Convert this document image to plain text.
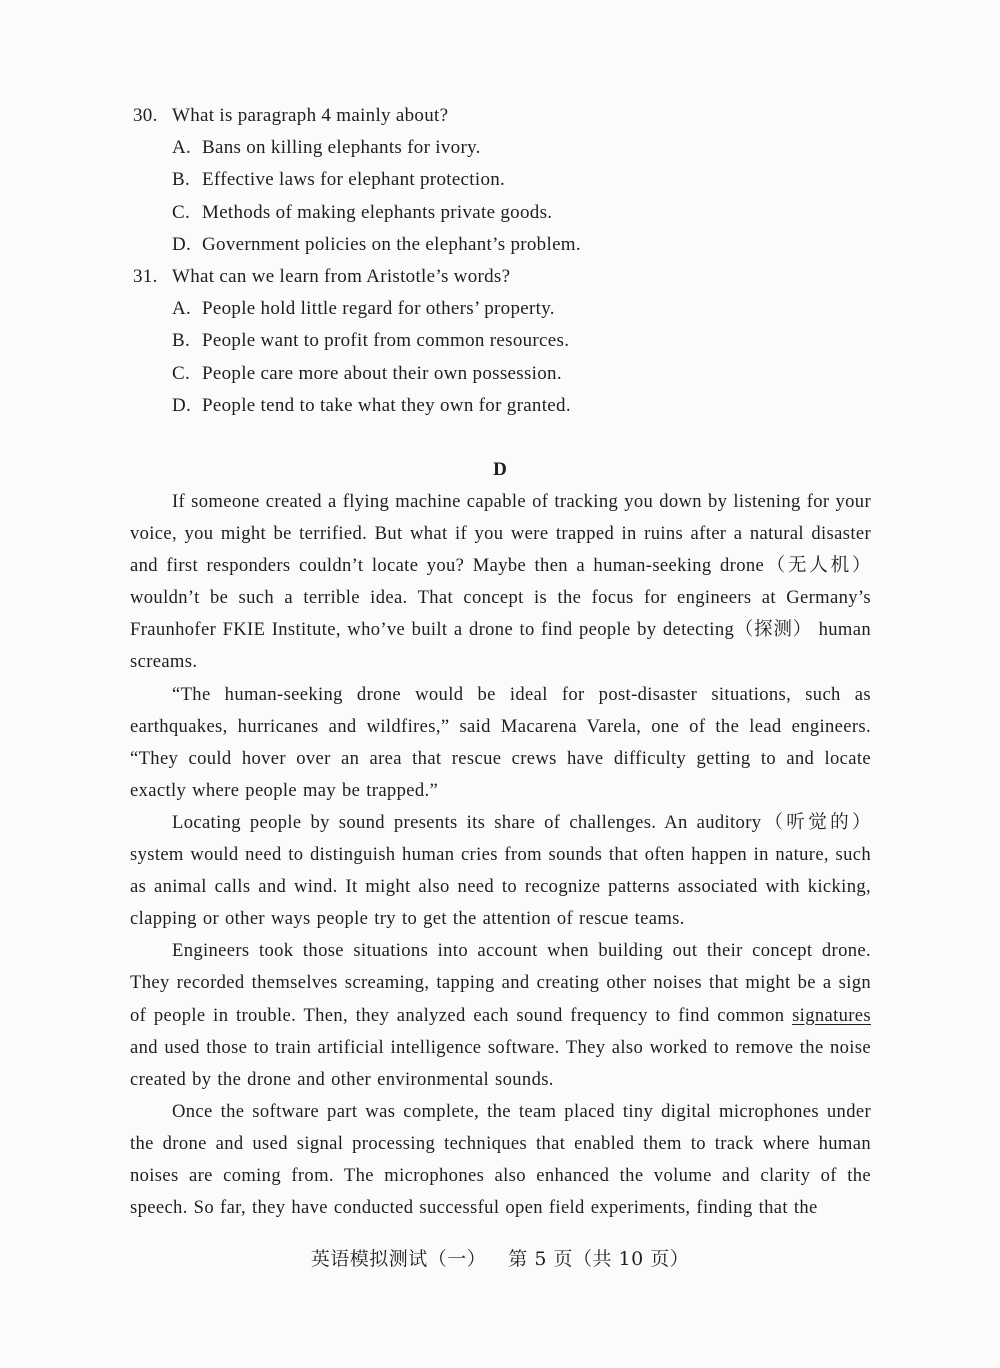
30. What is paragraph 4 mainly about?
A. Bans on killing elephants for ivory.
B. Effective laws for elephant protection.
C. Methods of making elephants private goods.
D. Government policies on the elephant’s problem.
31. What can we learn from Aristotle’s words?
A. People hold little regard for others’ property.
B. People want to profit from common resources.
C. People care more about their own possession.
D. People tend to take what they own for granted.
D

If someone created a flying machine capable of tracking you down by listening for your voice, you might be terrified. But what if you were trapped in ruins after a natural disaster and first responders couldn’t locate you? Maybe then a human-seeking drone（无人机） wouldn’t be such a terrible idea. That concept is the focus for engineers at Germany’s Fraunhofer FKIE Institute, who’ve built a drone to find people by detecting（探测） human screams.

“The human-seeking drone would be ideal for post-disaster situations, such as earthquakes, hurricanes and wildfires,” said Macarena Varela, one of the lead engineers. “They could hover over an area that rescue crews have difficulty getting to and locate exactly where people may be trapped.”

Locating people by sound presents its share of challenges. An auditory（听觉的） system would need to distinguish human cries from sounds that often happen in nature, such as animal calls and wind. It might also need to recognize patterns associated with kicking, clapping or other ways people try to get the attention of rescue teams.

Engineers took those situations into account when building out their concept drone. They recorded themselves screaming, tapping and creating other noises that might be a sign of people in trouble. Then, they analyzed each sound frequency to find common signatures and used those to train artificial intelligence software. They also worked to remove the noise created by the drone and other environmental sounds.

Once the software part was complete, the team placed tiny digital microphones under the drone and used signal processing techniques that enabled them to track where human noises are coming from. The microphones also enhanced the volume and clarity of the speech. So far, they have conducted successful open field experiments, finding that the

英语模拟测试（一） 第 5 页（共 10 页）
